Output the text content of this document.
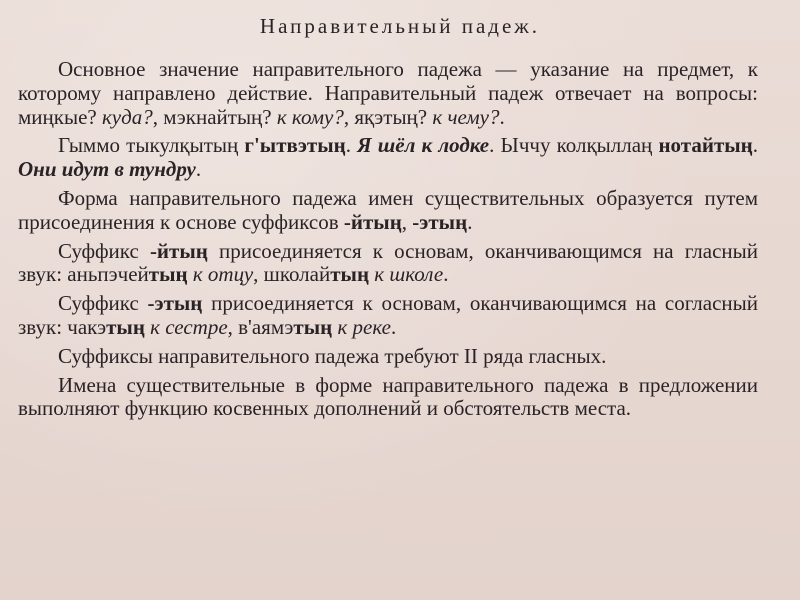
Направительный падеж.

Основное значение направительного падежа — указание на предмет, к которому направлено действие. Направительный падеж отвечает на вопросы: миңкые? куда?, мэкнайтың? к кому?, яқэтың? к чему?.

Гыммо тыкулқытың г'ытвэтың. Я шёл к лодке. Ыччу колқыллаң нотайтың. Они идут в тундру.

Форма направительного падежа имен существительных образуется путем присоединения к основе суффиксов -йтың, -этың.

Суффикс -йтың присоединяется к основам, оканчивающимся на гласный звук: аньпэчейтың к отцу, школайтың к школе.

Суффикс -этың присоединяется к основам, оканчивающимся на согласный звук: чакэтың к сестре, в'аямэтың к реке.

Суффиксы направительного падежа требуют II ряда гласных.

Имена существительные в форме направительного падежа в предложении выполняют функцию косвенных дополнений и обстоятельств места.
